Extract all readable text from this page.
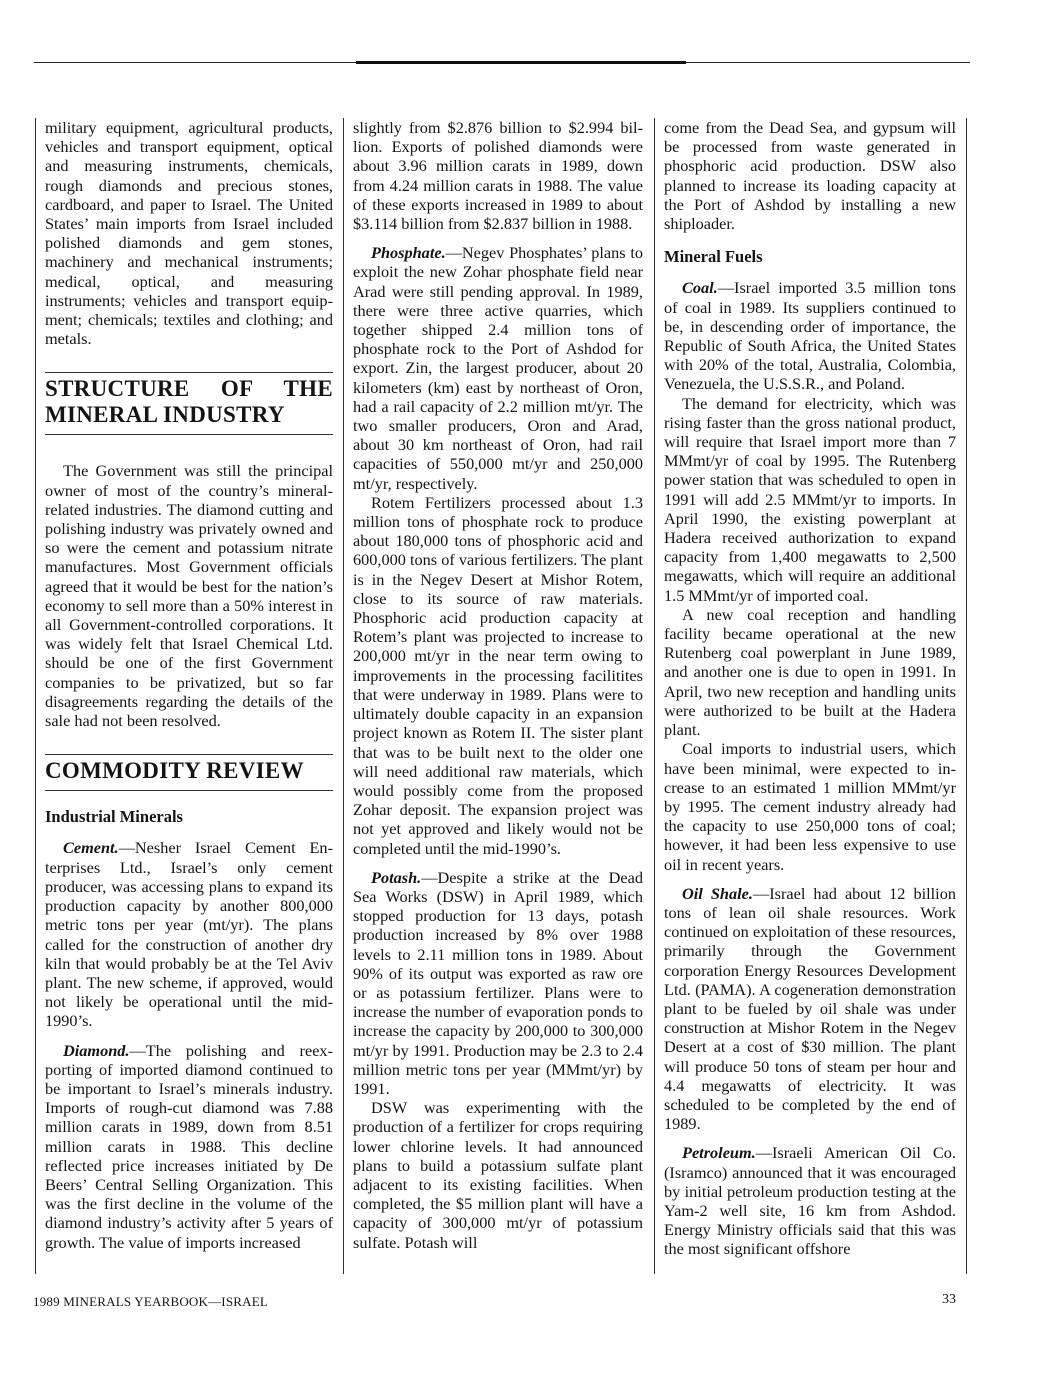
military equipment, agricultural products, vehicles and transport equipment, optical and measuring instruments, chemicals, rough diamonds and precious stones, cardboard, and paper to Israel. The United States’ main imports from Israel included polished diamonds and gem stones, machinery and mechanical instruments; medical, optical, and measuring instruments; vehicles and transport equipment; chemicals; textiles and clothing; and metals.

STRUCTURE OF THE MINERAL INDUSTRY

The Government was still the principal owner of most of the country’s mineral-related industries. The diamond cutting and polishing industry was privately owned and so were the cement and potassium nitrate manufactures. Most Government officials agreed that it would be best for the nation’s economy to sell more than a 50% interest in all Government-controlled corporations. It was widely felt that Israel Chemical Ltd. should be one of the first Government companies to be privatized, but so far disagreements regarding the details of the sale had not been resolved.

COMMODITY REVIEW
Industrial Minerals

Cement.—Nesher Israel Cement Enterprises Ltd., Israel’s only cement producer, was accessing plans to expand its production capacity by another 800,000 metric tons per year (mt/yr). The plans called for the construction of another dry kiln that would probably be at the Tel Aviv plant. The new scheme, if approved, would not likely be operational until the mid-1990’s.

Diamond.—The polishing and reexporting of imported diamond continued to be important to Israel’s minerals industry. Imports of rough-cut diamond was 7.88 million carats in 1989, down from 8.51 million carats in 1988. This decline reflected price increases initiated by De Beers’ Central Selling Organization. This was the first decline in the volume of the diamond industry’s activity after 5 years of growth. The value of imports increased

slightly from $2.876 billion to $2.994 billion. Exports of polished diamonds were about 3.96 million carats in 1989, down from 4.24 million carats in 1988. The value of these exports increased in 1989 to about $3.114 billion from $2.837 billion in 1988.

Phosphate.—Negev Phosphates’ plans to exploit the new Zohar phosphate field near Arad were still pending approval. In 1989, there were three active quarries, which together shipped 2.4 million tons of phosphate rock to the Port of Ashdod for export. Zin, the largest producer, about 20 kilometers (km) east by northeast of Oron, had a rail capacity of 2.2 million mt/yr. The two smaller producers, Oron and Arad, about 30 km northeast of Oron, had rail capacities of 550,000 mt/yr and 250,000 mt/yr, respectively.

Rotem Fertilizers processed about 1.3 million tons of phosphate rock to produce about 180,000 tons of phosphoric acid and 600,000 tons of various fertilizers. The plant is in the Negev Desert at Mishor Rotem, close to its source of raw materials. Phosphoric acid production capacity at Rotem’s plant was projected to increase to 200,000 mt/yr in the near term owing to improvements in the processing facilitites that were underway in 1989. Plans were to ultimately double capacity in an expansion project known as Rotem II. The sister plant that was to be built next to the older one will need additional raw materials, which would possibly come from the proposed Zohar deposit. The expansion project was not yet approved and likely would not be completed until the mid-1990’s.

Potash.—Despite a strike at the Dead Sea Works (DSW) in April 1989, which stopped production for 13 days, potash production increased by 8% over 1988 levels to 2.11 million tons in 1989. About 90% of its output was exported as raw ore or as potassium fertilizer. Plans were to increase the number of evaporation ponds to increase the capacity by 200,000 to 300,000 mt/yr by 1991. Production may be 2.3 to 2.4 million metric tons per year (MMmt/yr) by 1991.

DSW was experimenting with the production of a fertilizer for crops requiring lower chlorine levels. It had announced plans to build a potassium sulfate plant adjacent to its existing facilities. When completed, the $5 million plant will have a capacity of 300,000 mt/yr of potassium sulfate. Potash will

come from the Dead Sea, and gypsum will be processed from waste generated in phosphoric acid production. DSW also planned to increase its loading capacity at the Port of Ashdod by installing a new shiploader.

Mineral Fuels

Coal.—Israel imported 3.5 million tons of coal in 1989. Its suppliers continued to be, in descending order of importance, the Republic of South Africa, the United States with 20% of the total, Australia, Colombia, Venezuela, the U.S.S.R., and Poland.

The demand for electricity, which was rising faster than the gross national product, will require that Israel import more than 7 MMmt/yr of coal by 1995. The Rutenberg power station that was scheduled to open in 1991 will add 2.5 MMmt/yr to imports. In April 1990, the existing powerplant at Hadera received authorization to expand capacity from 1,400 megawatts to 2,500 megawatts, which will require an additional 1.5 MMmt/yr of imported coal.

A new coal reception and handling facility became operational at the new Rutenberg coal powerplant in June 1989, and another one is due to open in 1991. In April, two new reception and handling units were authorized to be built at the Hadera plant.

Coal imports to industrial users, which have been minimal, were expected to increase to an estimated 1 million MMmt/yr by 1995. The cement industry already had the capacity to use 250,000 tons of coal; however, it had been less expensive to use oil in recent years.

Oil Shale.—Israel had about 12 billion tons of lean oil shale resources. Work continued on exploitation of these resources, primarily through the Government corporation Energy Resources Development Ltd. (PAMA). A cogeneration demonstration plant to be fueled by oil shale was under construction at Mishor Rotem in the Negev Desert at a cost of $30 million. The plant will produce 50 tons of steam per hour and 4.4 megawatts of electricity. It was scheduled to be completed by the end of 1989.

Petroleum.—Israeli American Oil Co. (Isramco) announced that it was encouraged by initial petroleum production testing at the Yam-2 well site, 16 km from Ashdod. Energy Ministry officials said that this was the most significant offshore

1989 MINERALS YEARBOOK—ISRAEL	33
